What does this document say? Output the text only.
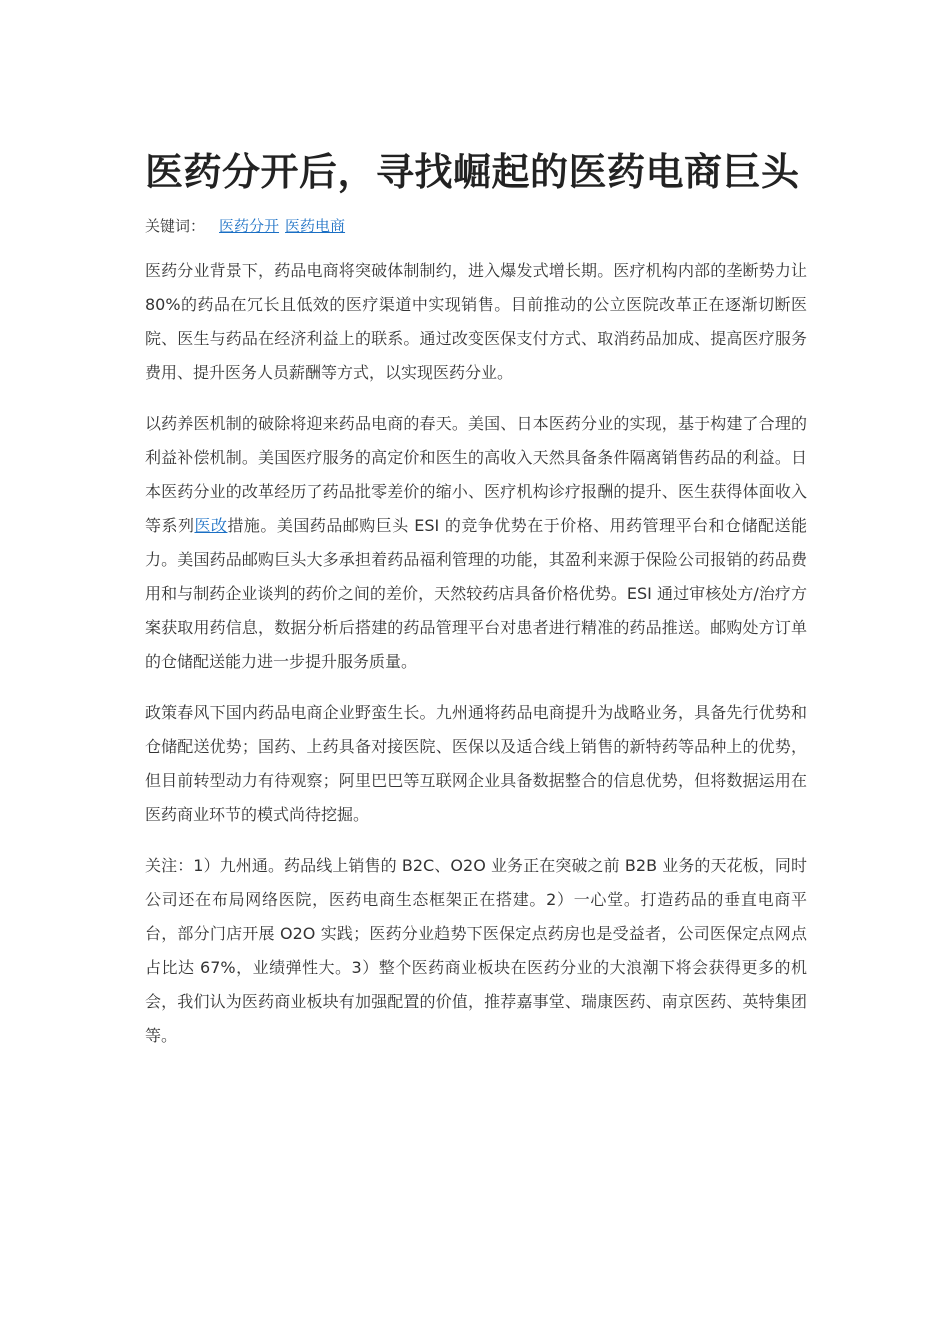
医药分开后，寻找崛起的医药电商巨头
关键词： 医药分开 医药电商

医药分业背景下，药品电商将突破体制制约，进入爆发式增长期。医疗机构内部的垄断势力让 80%的药品在冗长且低效的医疗渠道中实现销售。目前推动的公立医院改革正在逐渐切断医院、医生与药品在经济利益上的联系。通过改变医保支付方式、取消药品加成、提高医疗服务费用、提升医务人员薪酬等方式，以实现医药分业。

以药养医机制的破除将迎来药品电商的春天。美国、日本医药分业的实现，基于构建了合理的利益补偿机制。美国医疗服务的高定价和医生的高收入天然具备条件隔离销售药品的利益。日本医药分业的改革经历了药品批零差价的缩小、医疗机构诊疗报酬的提升、医生获得体面收入等系列医改措施。美国药品邮购巨头 ESI 的竞争优势在于价格、用药管理平台和仓储配送能力。美国药品邮购巨头大多承担着药品福利管理的功能，其盈利来源于保险公司报销的药品费用和与制药企业谈判的药价之间的差价，天然较药店具备价格优势。ESI 通过审核处方/治疗方案获取用药信息，数据分析后搭建的药品管理平台对患者进行精准的药品推送。邮购处方订单的仓储配送能力进一步提升服务质量。

政策春风下国内药品电商企业野蛮生长。九州通将药品电商提升为战略业务，具备先行优势和仓储配送优势；国药、上药具备对接医院、医保以及适合线上销售的新特药等品种上的优势，但目前转型动力有待观察；阿里巴巴等互联网企业具备数据整合的信息优势，但将数据运用在医药商业环节的模式尚待挖掘。

关注：1）九州通。药品线上销售的 B2C、O2O 业务正在突破之前 B2B 业务的天花板，同时公司还在布局网络医院，医药电商生态框架正在搭建。2）一心堂。打造药品的垂直电商平台，部分门店开展 O2O 实践；医药分业趋势下医保定点药房也是受益者，公司医保定点网点占比达 67%，业绩弹性大。3）整个医药商业板块在医药分业的大浪潮下将会获得更多的机会，我们认为医药商业板块有加强配置的价值，推荐嘉事堂、瑞康医药、南京医药、英特集团等。
